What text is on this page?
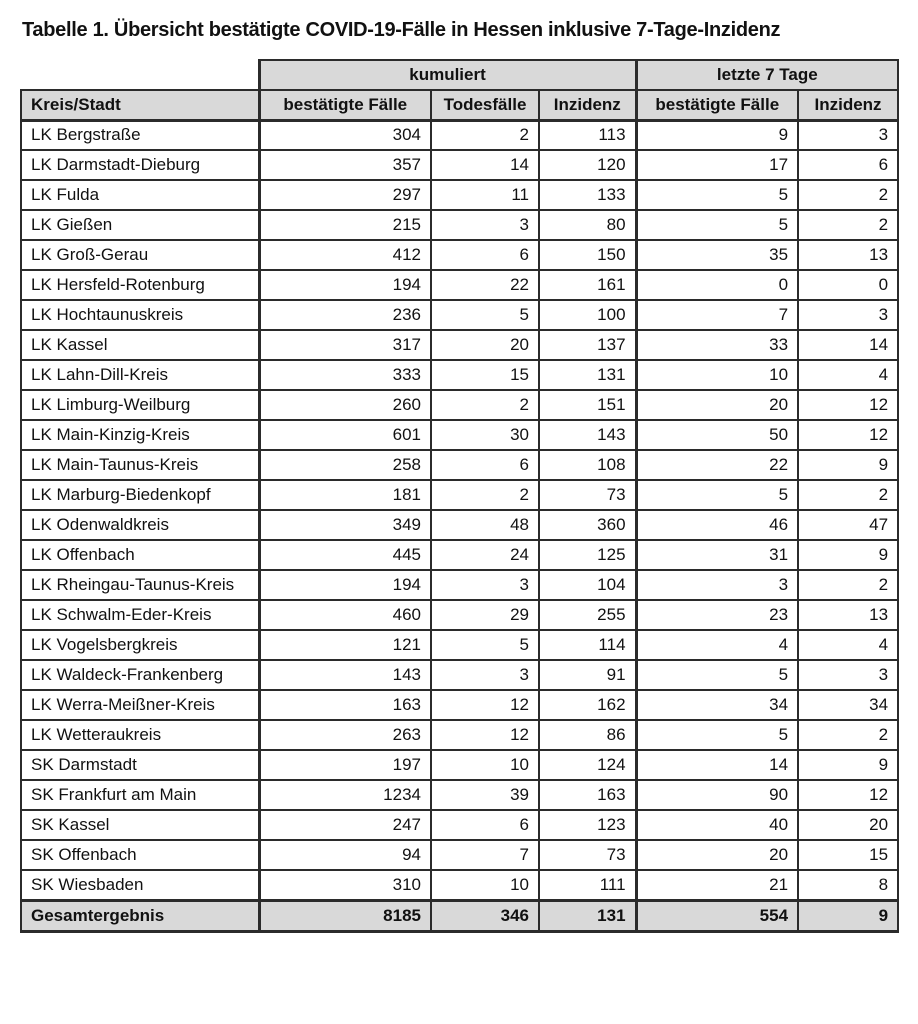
Tabelle 1. Übersicht bestätigte COVID-19-Fälle in Hessen inklusive 7-Tage-Inzidenz
	kumuliert			letzte 7 Tage	
Kreis/Stadt	bestätigte Fälle	Todesfälle	Inzidenz	bestätigte Fälle	Inzidenz
LK Bergstraße	304	2	113	9	3
LK Darmstadt-Dieburg	357	14	120	17	6
LK Fulda	297	11	133	5	2
LK Gießen	215	3	80	5	2
LK Groß-Gerau	412	6	150	35	13
LK Hersfeld-Rotenburg	194	22	161	0	0
LK Hochtaunuskreis	236	5	100	7	3
LK Kassel	317	20	137	33	14
LK Lahn-Dill-Kreis	333	15	131	10	4
LK Limburg-Weilburg	260	2	151	20	12
LK Main-Kinzig-Kreis	601	30	143	50	12
LK Main-Taunus-Kreis	258	6	108	22	9
LK Marburg-Biedenkopf	181	2	73	5	2
LK Odenwaldkreis	349	48	360	46	47
LK Offenbach	445	24	125	31	9
LK Rheingau-Taunus-Kreis	194	3	104	3	2
LK Schwalm-Eder-Kreis	460	29	255	23	13
LK Vogelsbergkreis	121	5	114	4	4
LK Waldeck-Frankenberg	143	3	91	5	3
LK Werra-Meißner-Kreis	163	12	162	34	34
LK Wetteraukreis	263	12	86	5	2
SK Darmstadt	197	10	124	14	9
SK Frankfurt am Main	1234	39	163	90	12
SK Kassel	247	6	123	40	20
SK Offenbach	94	7	73	20	15
SK Wiesbaden	310	10	111	21	8
Gesamtergebnis	8185	346	131	554	9
